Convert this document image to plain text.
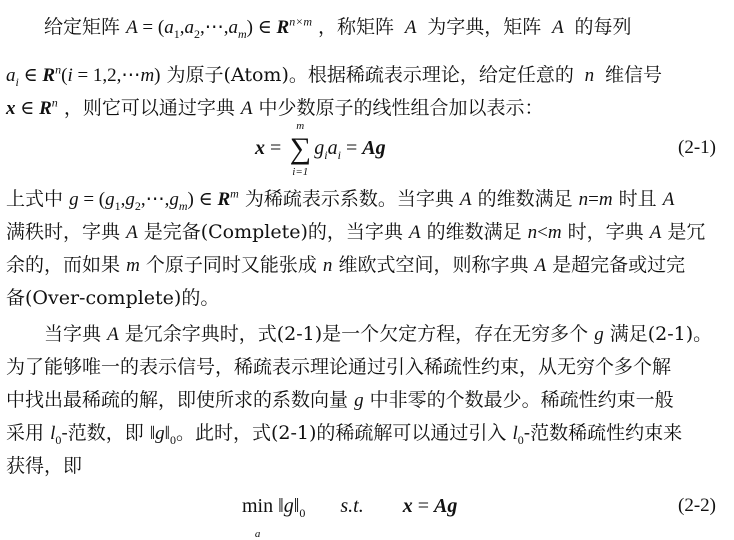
给定矩阵 $A = (a_1,a_2,\cdots,a_m)$ ∈ $R^{n\times m}$ ，称矩阵  A  为字典，矩阵  A  的每列
$a_i$ ∈ $R^n(i$ = 1,2,⋯m) 为原子(Atom)。根据稀疏表示理论，给定任意的  n  维信号
x ∈ $R^n$ ，则它可以通过字典 A 中少数原子的线性组合加以表示：
x =
m
∑
i=1
$g_ia_i = Ag$	(2-1)
上式中 $g = (g_1,g_2,\cdots,g_m)$ ∈ $R^m$ 为稀疏表示系数。当字典 A 的维数满足 n=m 时且 A
满秩时，字典 A 是完备(Complete)的，当字典 A 的维数满足 n<m 时，字典 A 是冗
余的，而如果 m 个原子同时又能张成 n 维欧式空间，则称字典 A 是超完备或过完
备(Over-complete)的。
当字典 A 是冗余字典时，式(2-1)是一个欠定方程，存在无穷多个 g 满足(2-1)。
为了能够唯一的表示信号，稀疏表示理论通过引入稀疏性约束，从无穷个多个解
中找出最稀疏的解，即使所求的系数向量 g 中非零的个数最少。稀疏性约束一般
采用 $l_0-$范数，即 $‖g‖_0$。此时，式(2-1)的稀疏解可以通过引入 $l_0-$范数稀疏性约束来
获得，即
min
a
$‖g‖_0$ s.t. x = Ag	(2-2)
